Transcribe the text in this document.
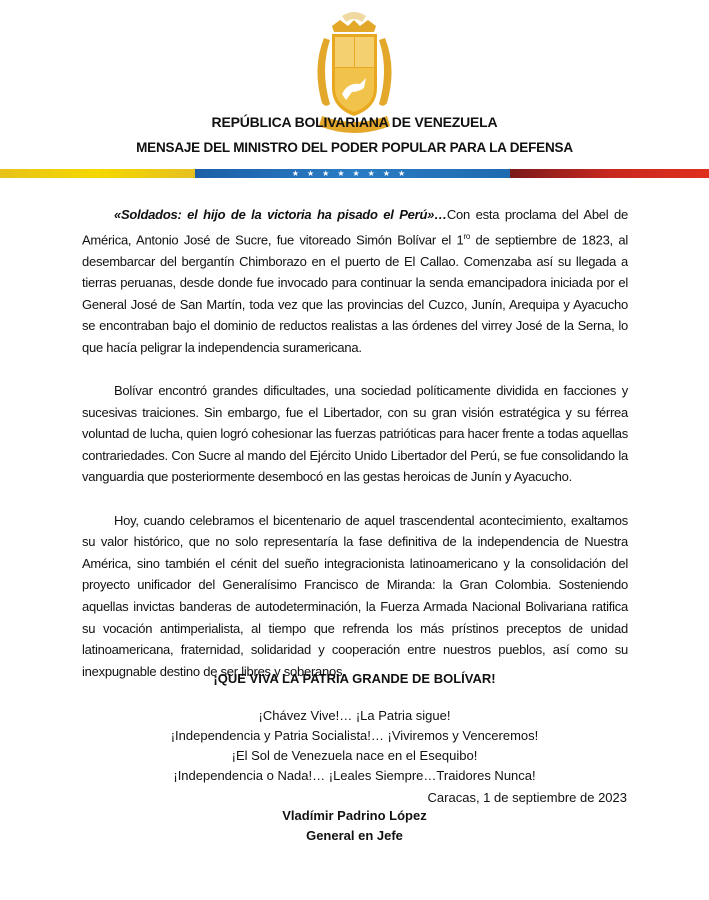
REPÚBLICA BOLIVARIANA DE VENEZUELA
MENSAJE DEL MINISTRO DEL PODER POPULAR PARA LA DEFENSA
★★★★★★★★

«Soldados: el hijo de la victoria ha pisado el Perú»…Con esta proclama del Abel de América, Antonio José de Sucre, fue vitoreado Simón Bolívar el $1^{ro}$ de septiembre de 1823, al desembarcar del bergantín Chimborazo en el puerto de El Callao. Comenzaba así su llegada a tierras peruanas, desde donde fue invocado para continuar la senda emancipadora iniciada por el General José de San Martín, toda vez que las provincias del Cuzco, Junín, Arequipa y Ayacucho se encontraban bajo el dominio de reductos realistas a las órdenes del virrey José de la Serna, lo que hacía peligrar la independencia suramericana.

Bolívar encontró grandes dificultades, una sociedad políticamente dividida en facciones y sucesivas traiciones. Sin embargo, fue el Libertador, con su gran visión estratégica y su férrea voluntad de lucha, quien logró cohesionar las fuerzas patrióticas para hacer frente a todas aquellas contrariedades. Con Sucre al mando del Ejército Unido Libertador del Perú, se fue consolidando la vanguardia que posteriormente desembocó en las gestas heroicas de Junín y Ayacucho.

Hoy, cuando celebramos el bicentenario de aquel trascendental acontecimiento, exaltamos su valor histórico, que no solo representaría la fase definitiva de la independencia de Nuestra América, sino también el cénit del sueño integracionista latinoamericano y la consolidación del proyecto unificador del Generalísimo Francisco de Miranda: la Gran Colombia. Sosteniendo aquellas invictas banderas de autodeterminación, la Fuerza Armada Nacional Bolivariana ratifica su vocación antimperialista, al tiempo que refrenda los más prístinos preceptos de unidad latinoamericana, fraternidad, solidaridad y cooperación entre nuestros pueblos, así como su inexpugnable destino de ser libres y soberanos.

¡QUE VIVA LA PATRIA GRANDE DE BOLÍVAR!
¡Chávez Vive!… ¡La Patria sigue!
¡Independencia y Patria Socialista!… ¡Viviremos y Venceremos!
¡El Sol de Venezuela nace en el Esequibo!
¡Independencia o Nada!… ¡Leales Siempre…Traidores Nunca!
Caracas, 1 de septiembre de 2023
Vladímir Padrino López
General en Jefe
